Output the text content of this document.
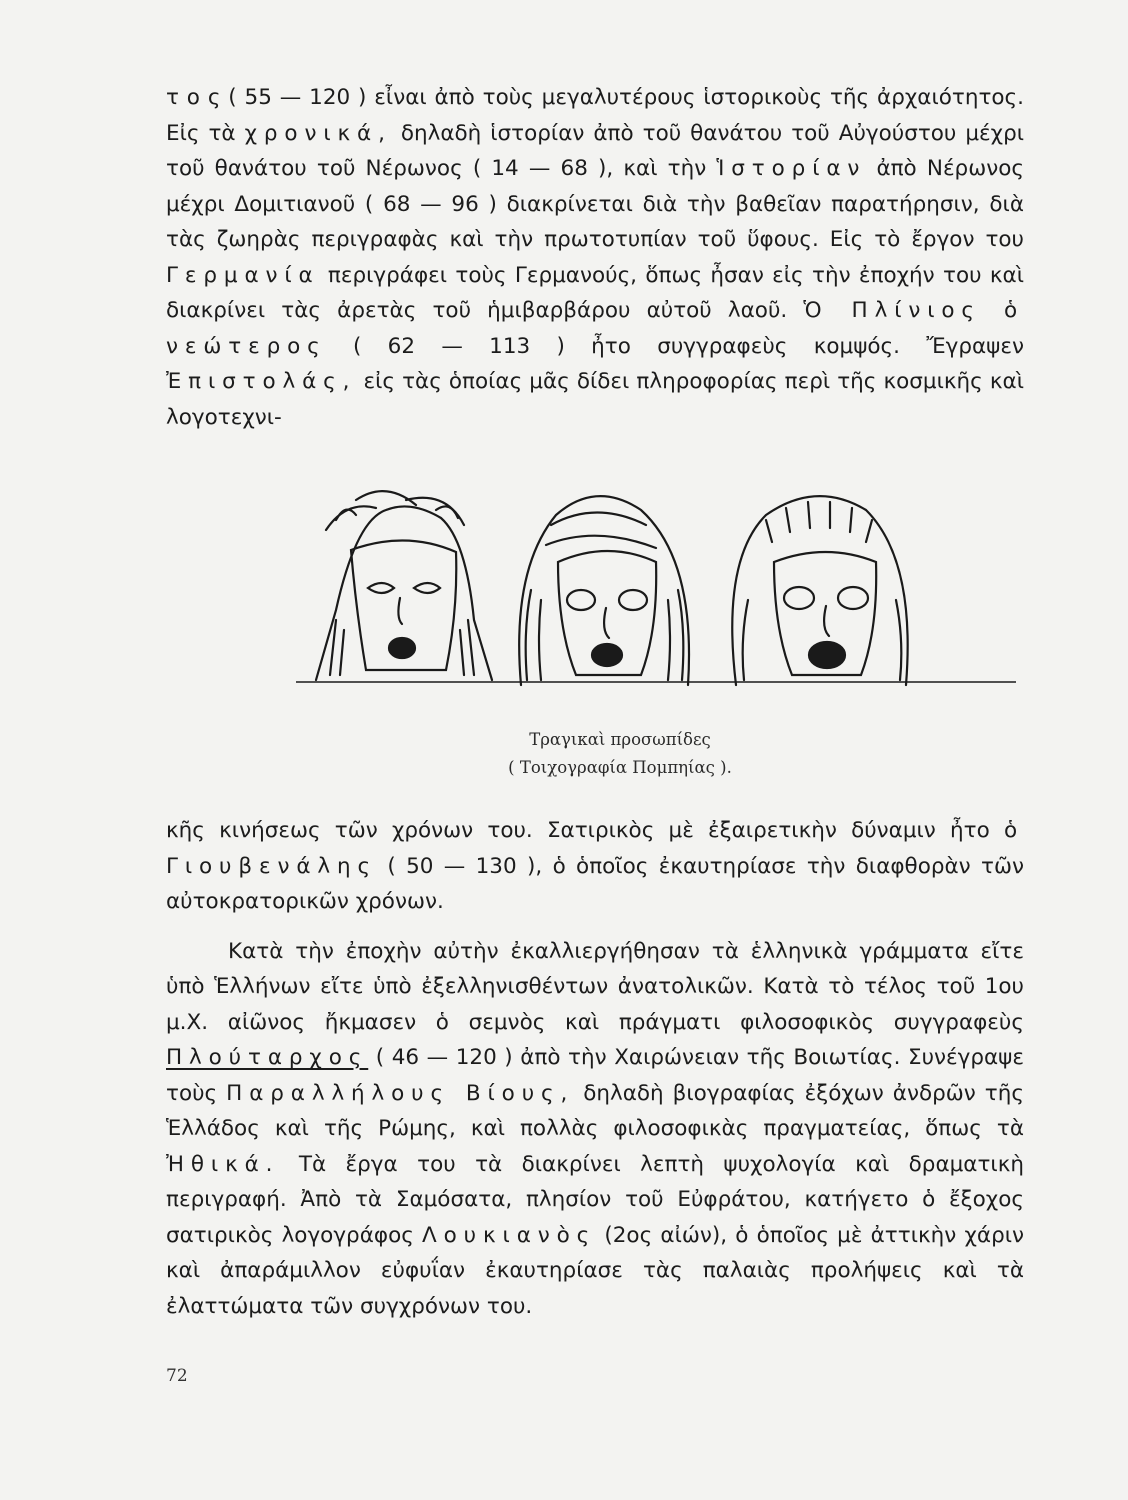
τ ο ς ( 55 — 120 ) εἶναι ἀπὸ τοὺς μεγαλυτέρους ἱστορικοὺς τῆς ἀρχαιότητος. Εἰς τὰ χρονικά, δηλαδὴ ἱστορίαν ἀπὸ τοῦ θανάτου τοῦ Αὐγούστου μέχρι τοῦ θανάτου τοῦ Νέρωνος ( 14 — 68 ), καὶ τὴν Ἱστορίαν ἀπὸ Νέρωνος μέχρι Δομιτιανοῦ ( 68 — 96 ) διακρίνεται διὰ τὴν βαθεῖαν παρατήρησιν, διὰ τὰς ζωηρὰς περιγραφὰς καὶ τὴν πρωτοτυπίαν τοῦ ὕφους. Εἰς τὸ ἔργον του Γερμανία περιγράφει τοὺς Γερμανούς, ὅπως ἦσαν εἰς τὴν ἐποχήν του καὶ διακρίνει τὰς ἀρετὰς τοῦ ἡμιβαρβάρου αὐτοῦ λαοῦ. Ὁ Πλίνιος ὁ νεώτερος ( 62 — 113 ) ἦτο συγγραφεὺς κομψός. Ἔγραψεν Ἐπιστολάς, εἰς τὰς ὁποίας μᾶς δίδει πληροφορίας περὶ τῆς κοσμικῆς καὶ λογοτεχνι-

Τραγικαὶ προσωπίδες
( Τοιχογραφία Πομπηίας ).

κῆς κινήσεως τῶν χρόνων του. Σατιρικὸς μὲ ἐξαιρετικὴν δύναμιν ἦτο ὁ Γιουβενάλης ( 50 — 130 ), ὁ ὁποῖος ἐκαυτηρίασε τὴν διαφθορὰν τῶν αὐτοκρατορικῶν χρόνων.

Κατὰ τὴν ἐποχὴν αὐτὴν ἐκαλλιεργήθησαν τὰ ἑλληνικὰ γράμματα εἴτε ὑπὸ Ἑλλήνων εἴτε ὑπὸ ἐξελληνισθέντων ἀνατολικῶν. Κατὰ τὸ τέλος τοῦ 1ου μ.Χ. αἰῶνος ἤκμασεν ὁ σεμνὸς καὶ πράγματι φιλοσοφικὸς συγγραφεὺς Πλούταρχος ( 46 — 120 ) ἀπὸ τὴν Χαιρώνειαν τῆς Βοιωτίας. Συνέγραψε τοὺς Παραλλήλους Βίους, δηλαδὴ βιογραφίας ἐξόχων ἀνδρῶν τῆς Ἑλλάδος καὶ τῆς Ρώμης, καὶ πολλὰς φιλοσοφικὰς πραγματείας, ὅπως τὰ Ἠθικά. Τὰ ἔργα του τὰ διακρίνει λεπτὴ ψυχολογία καὶ δραματικὴ περιγραφή. Ἀπὸ τὰ Σαμόσατα, πλησίον τοῦ Εὐφράτου, κατήγετο ὁ ἔξοχος σατιρικὸς λογογράφος Λουκιανὸς (2ος αἰών), ὁ ὁποῖος μὲ ἀττικὴν χάριν καὶ ἀπαράμιλλον εὐφυΐαν ἐκαυτηρίασε τὰς παλαιὰς προλήψεις καὶ τὰ ἐλαττώματα τῶν συγχρόνων του.

72
